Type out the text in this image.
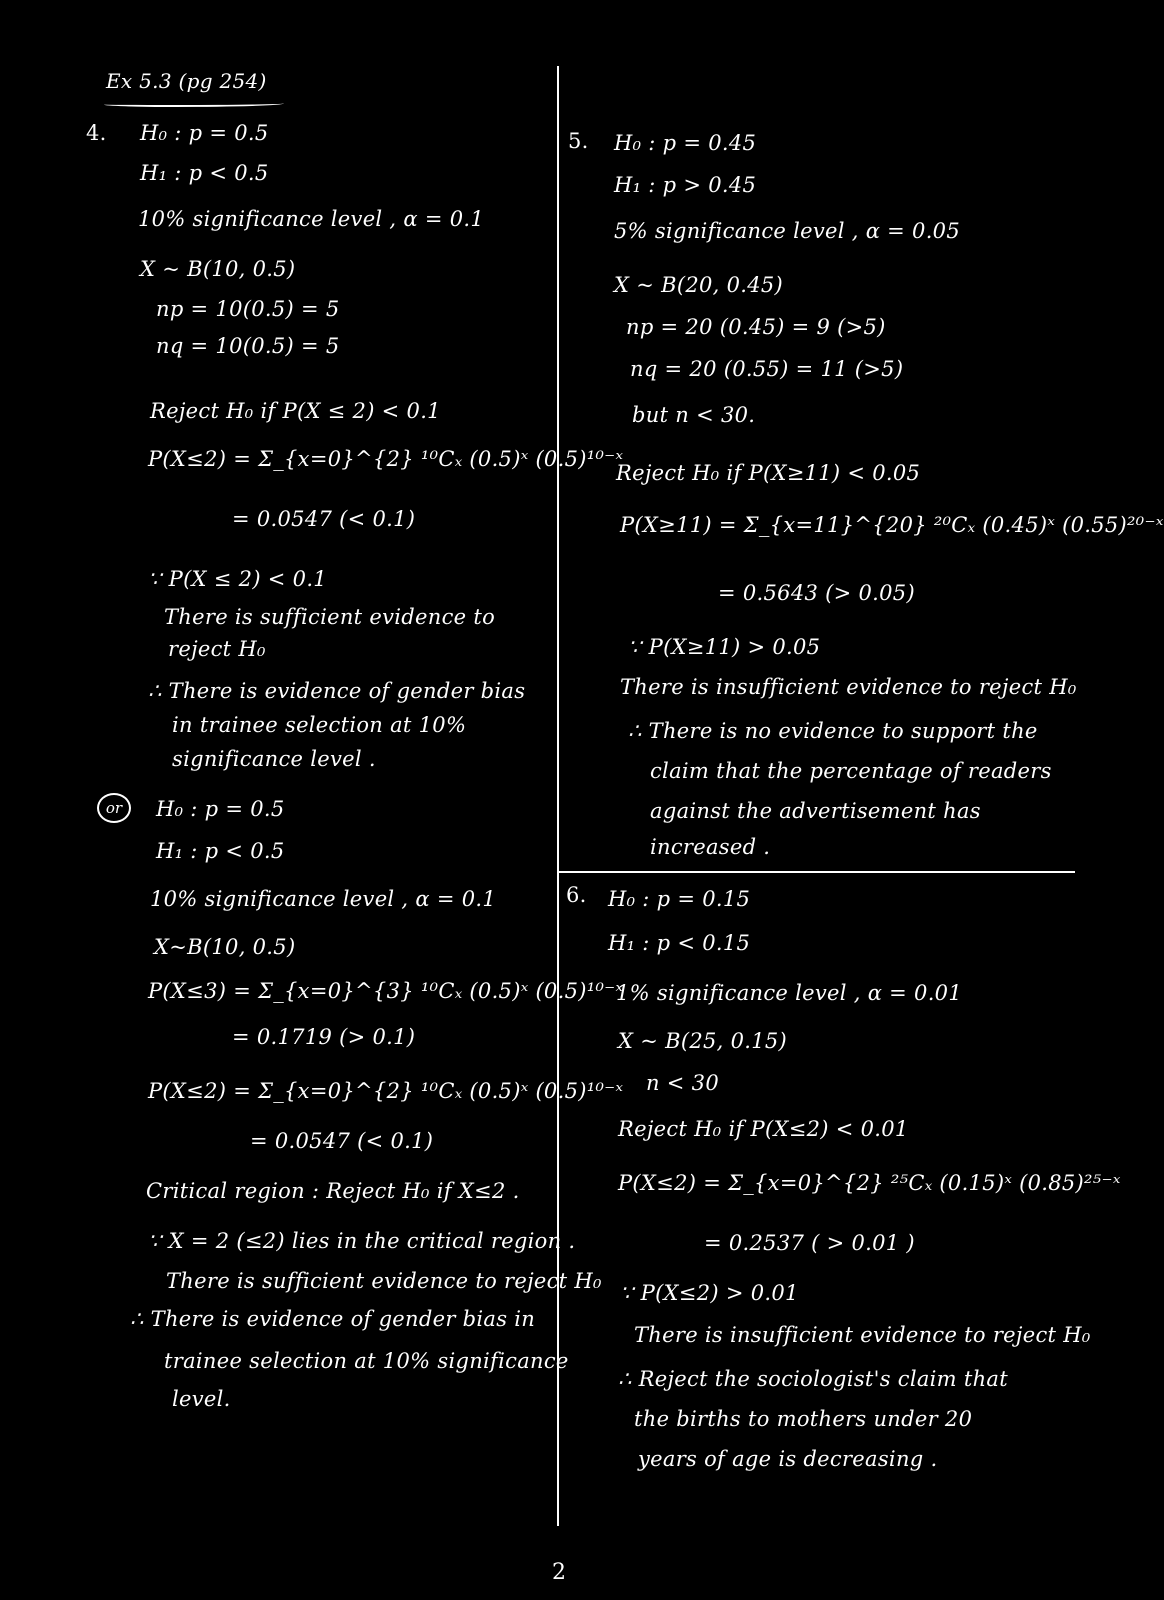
Ex 5.3 (pg 254)
4. H₀ : p = 0.5
H₁ : p < 0.5
10% significance level , α = 0.1
X ~ B(10, 0.5)
np = 10(0.5) = 5
nq = 10(0.5) = 5
Reject H₀ if P(X ≤ 2) < 0.1
P(X≤2) = Σ_{x=0}^{2} ¹⁰Cₓ (0.5)ˣ (0.5)¹⁰⁻ˣ
= 0.0547 (< 0.1)
∵ P(X ≤ 2) < 0.1
There is sufficient evidence to
reject H₀
∴ There is evidence of gender bias
in trainee selection at 10%
significance level .
or	H₀ : p = 0.5
H₁ : p < 0.5
10% significance level , α = 0.1
X~B(10, 0.5)
P(X≤3) = Σ_{x=0}^{3} ¹⁰Cₓ (0.5)ˣ (0.5)¹⁰⁻ˣ
= 0.1719 (> 0.1)
P(X≤2) = Σ_{x=0}^{2} ¹⁰Cₓ (0.5)ˣ (0.5)¹⁰⁻ˣ
= 0.0547 (< 0.1)
Critical region : Reject H₀ if X≤2 .
∵ X = 2 (≤2) lies in the critical region .
There is sufficient evidence to reject H₀
∴ There is evidence of gender bias in
trainee selection at 10% significance
level.
5. H₀ : p = 0.45
H₁ : p > 0.45
5% significance level , α = 0.05
X ~ B(20, 0.45)
np = 20 (0.45) = 9 (>5)
nq = 20 (0.55) = 11 (>5)
but n < 30.
Reject H₀ if P(X≥11) < 0.05
P(X≥11) = Σ_{x=11}^{20} ²⁰Cₓ (0.45)ˣ (0.55)²⁰⁻ˣ
= 0.5643 (> 0.05)
∵ P(X≥11) > 0.05
There is insufficient evidence to reject H₀
∴ There is no evidence to support the
claim that the percentage of readers
against the advertisement has
increased .
6. H₀ : p = 0.15
H₁ : p < 0.15
1% significance level , α = 0.01
X ~ B(25, 0.15)
n < 30
Reject H₀ if P(X≤2) < 0.01
P(X≤2) = Σ_{x=0}^{2} ²⁵Cₓ (0.15)ˣ (0.85)²⁵⁻ˣ
= 0.2537 ( > 0.01 )
∵ P(X≤2) > 0.01
There is insufficient evidence to reject H₀
∴ Reject the sociologist's claim that
the births to mothers under 20
years of age is decreasing .
2
